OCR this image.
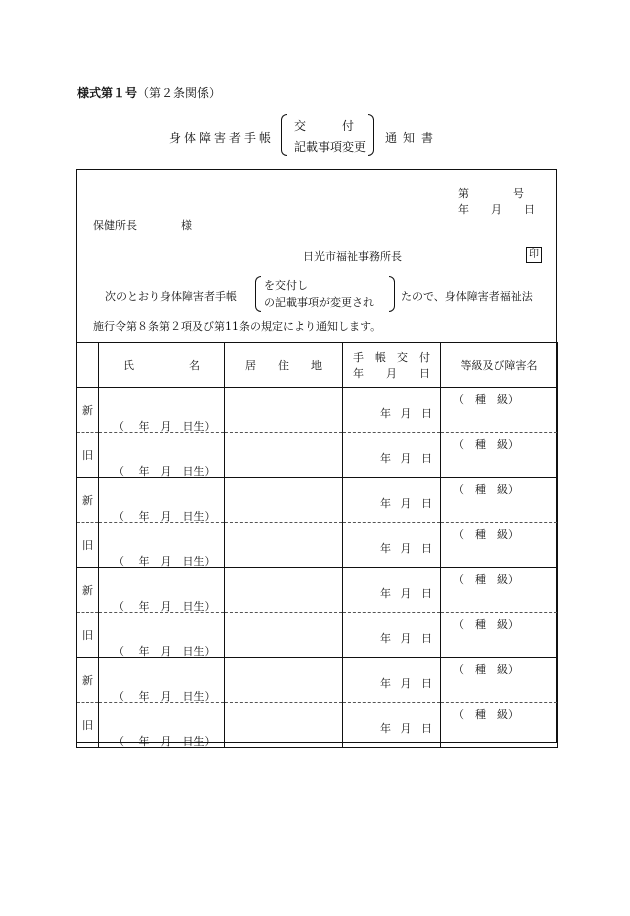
様式第１号（第２条関係）
身体障害者手帳
交　　　付
記載事項変更
通知書
第　　　　号
年　　月　　日
保健所長　　　　様
日光市福祉事務所長	印
次のとおり身体障害者手帳
を交付し
の記載事項が変更され たので、身体障害者福祉法
施行令第８条第２項及び第11条の規定により通知します。
	氏　　　　　名	居　　住　　地	手　帳　交　付
年　　月　　日	等級及び障害名
新	（　 年　月　日生）		年 月 日	（　種　級）

旧	（　 年　月　日生）		年 月 日	（　種　級）

新	（　 年　月　日生）		年 月 日	（　種　級）

旧	（　 年　月　日生）		年 月 日	（　種　級）

新	（　 年　月　日生）		年 月 日	（　種　級）

旧	（　 年　月　日生）		年 月 日	（　種　級）

新	（　 年　月　日生）		年 月 日	（　種　級）

旧	（　 年　月　日生）		年 月 日	（　種　級）
